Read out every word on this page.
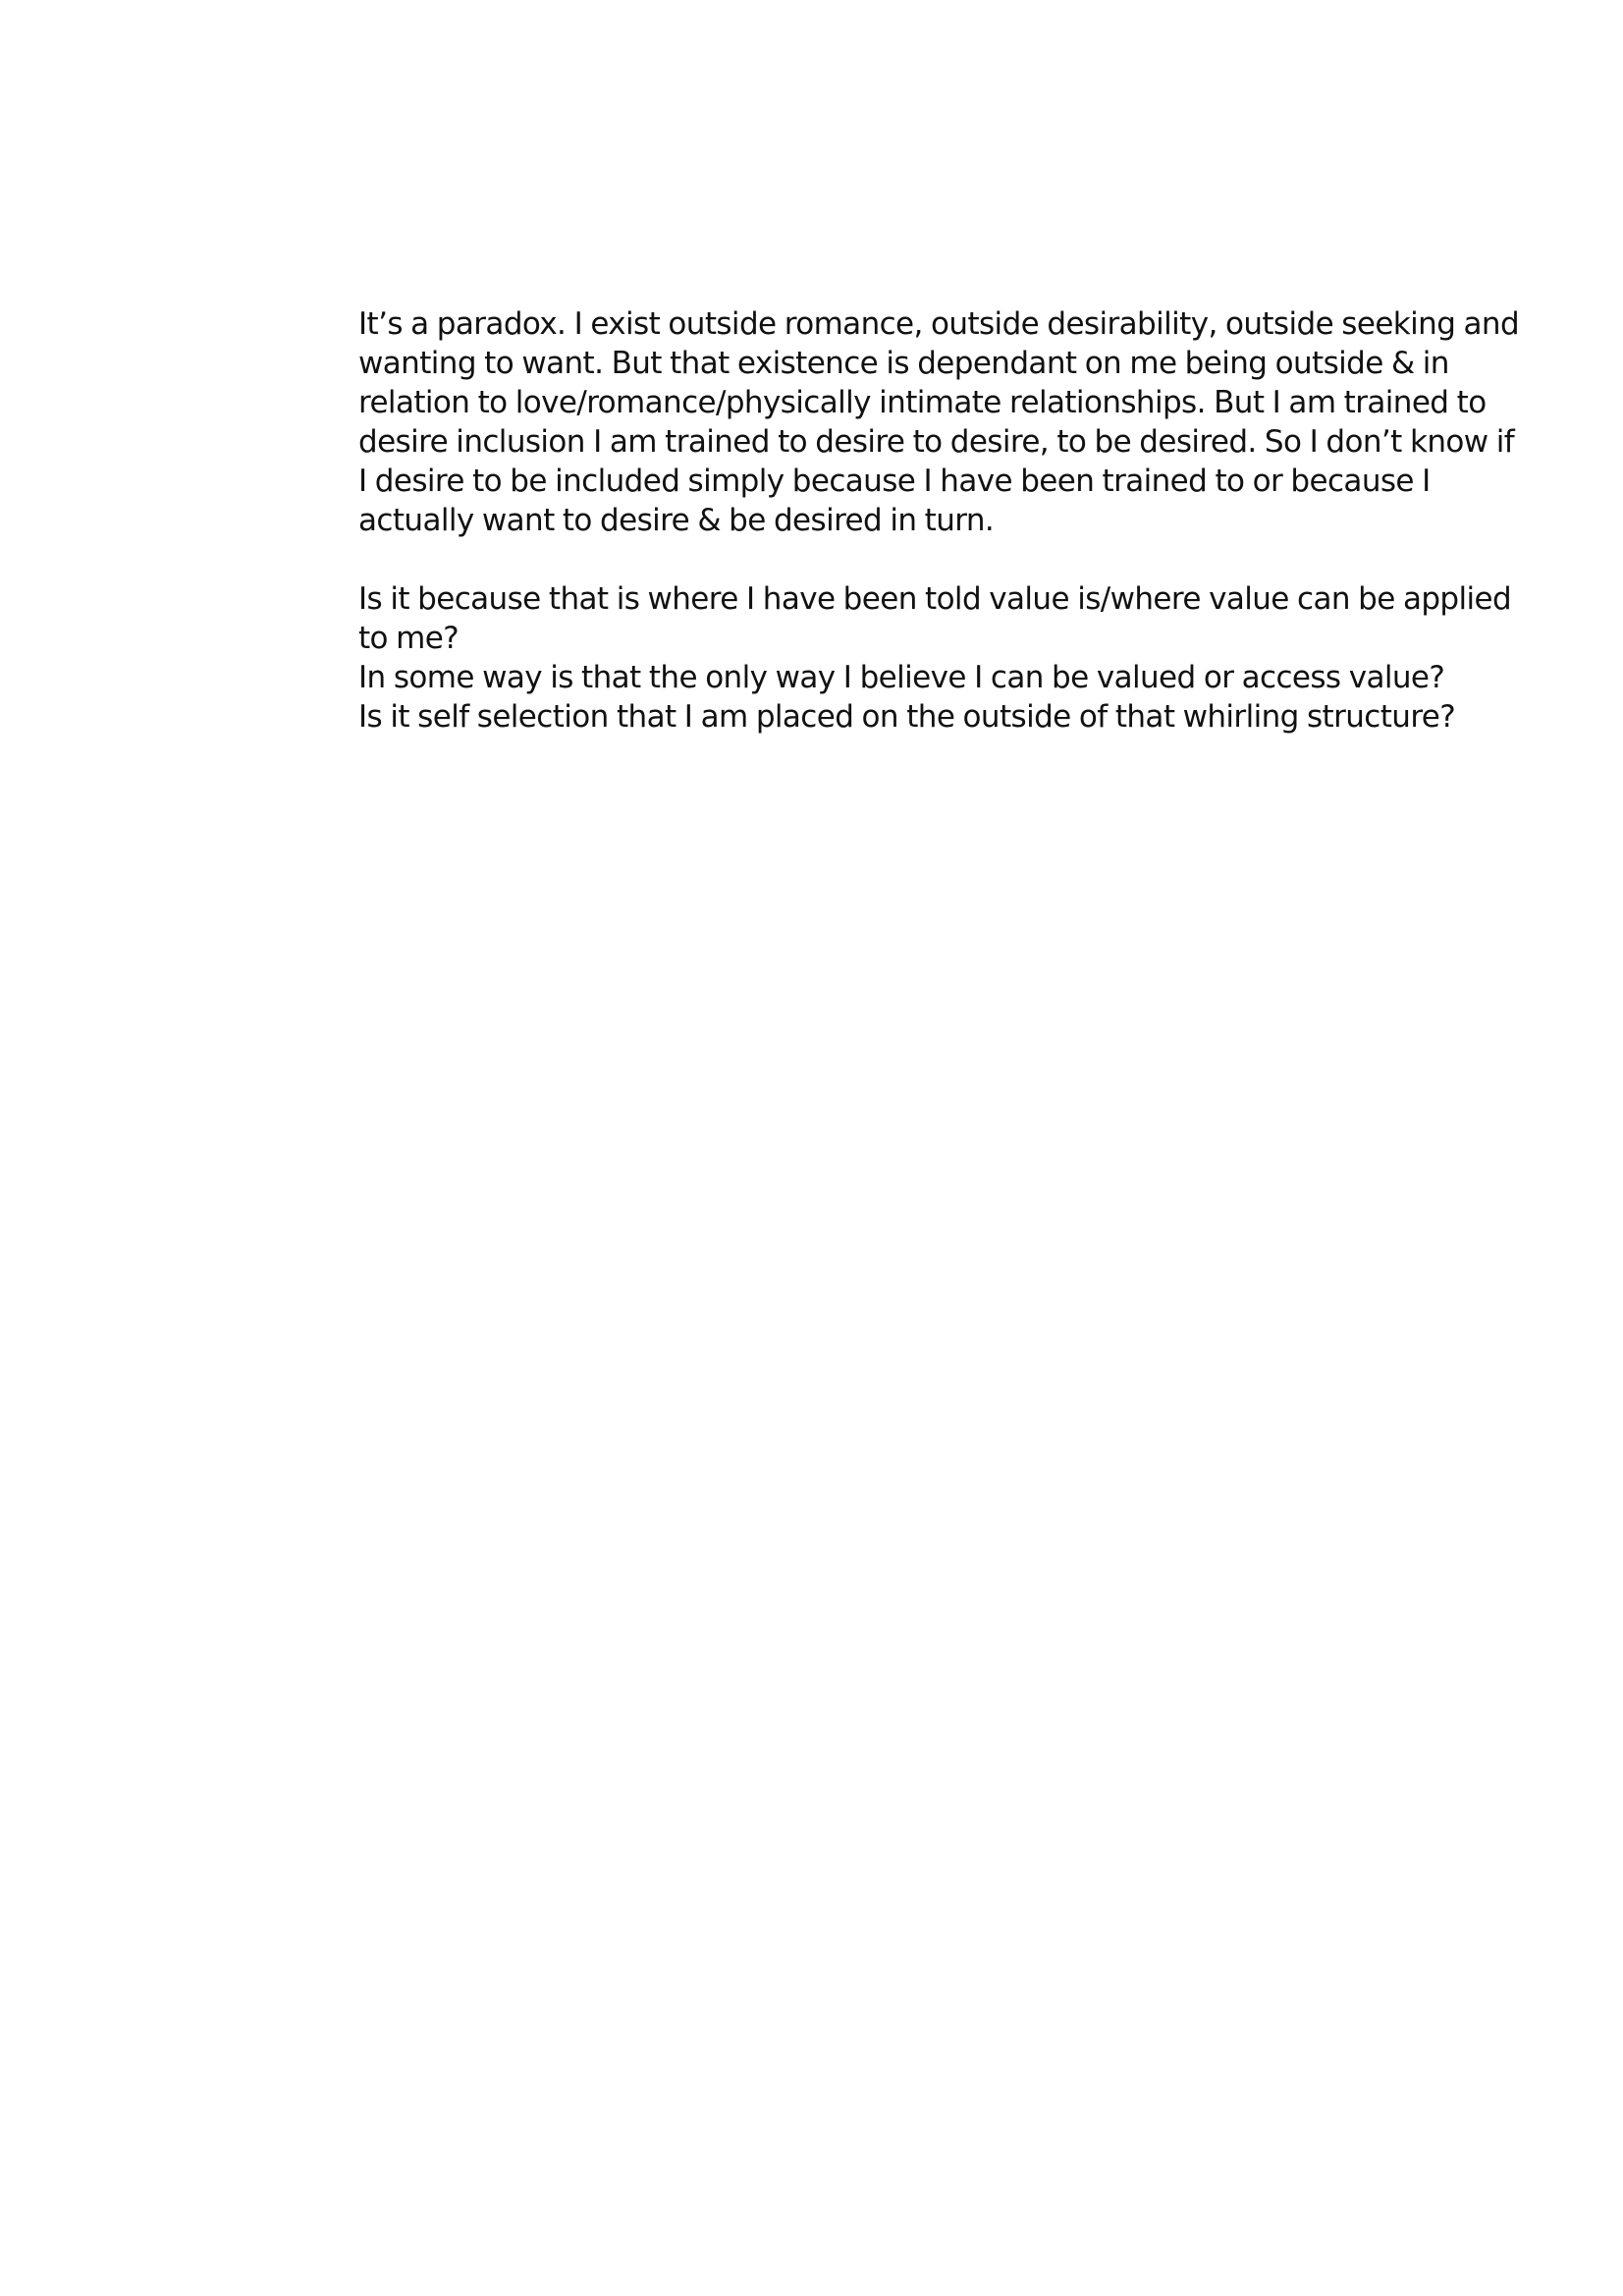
It’s a paradox. I exist outside romance, outside desirability, outside seeking and
wanting to want. But that existence is dependant on me being outside & in
relation to love/romance/physically intimate relationships. But I am trained to
desire inclusion I am trained to desire to desire, to be desired. So I don’t know if
I desire to be included simply because I have been trained to or because I
actually want to desire & be desired in turn.
Is it because that is where I have been told value is/where value can be applied
to me?
In some way is that the only way I believe I can be valued or access value?
Is it self selection that I am placed on the outside of that whirling structure?
